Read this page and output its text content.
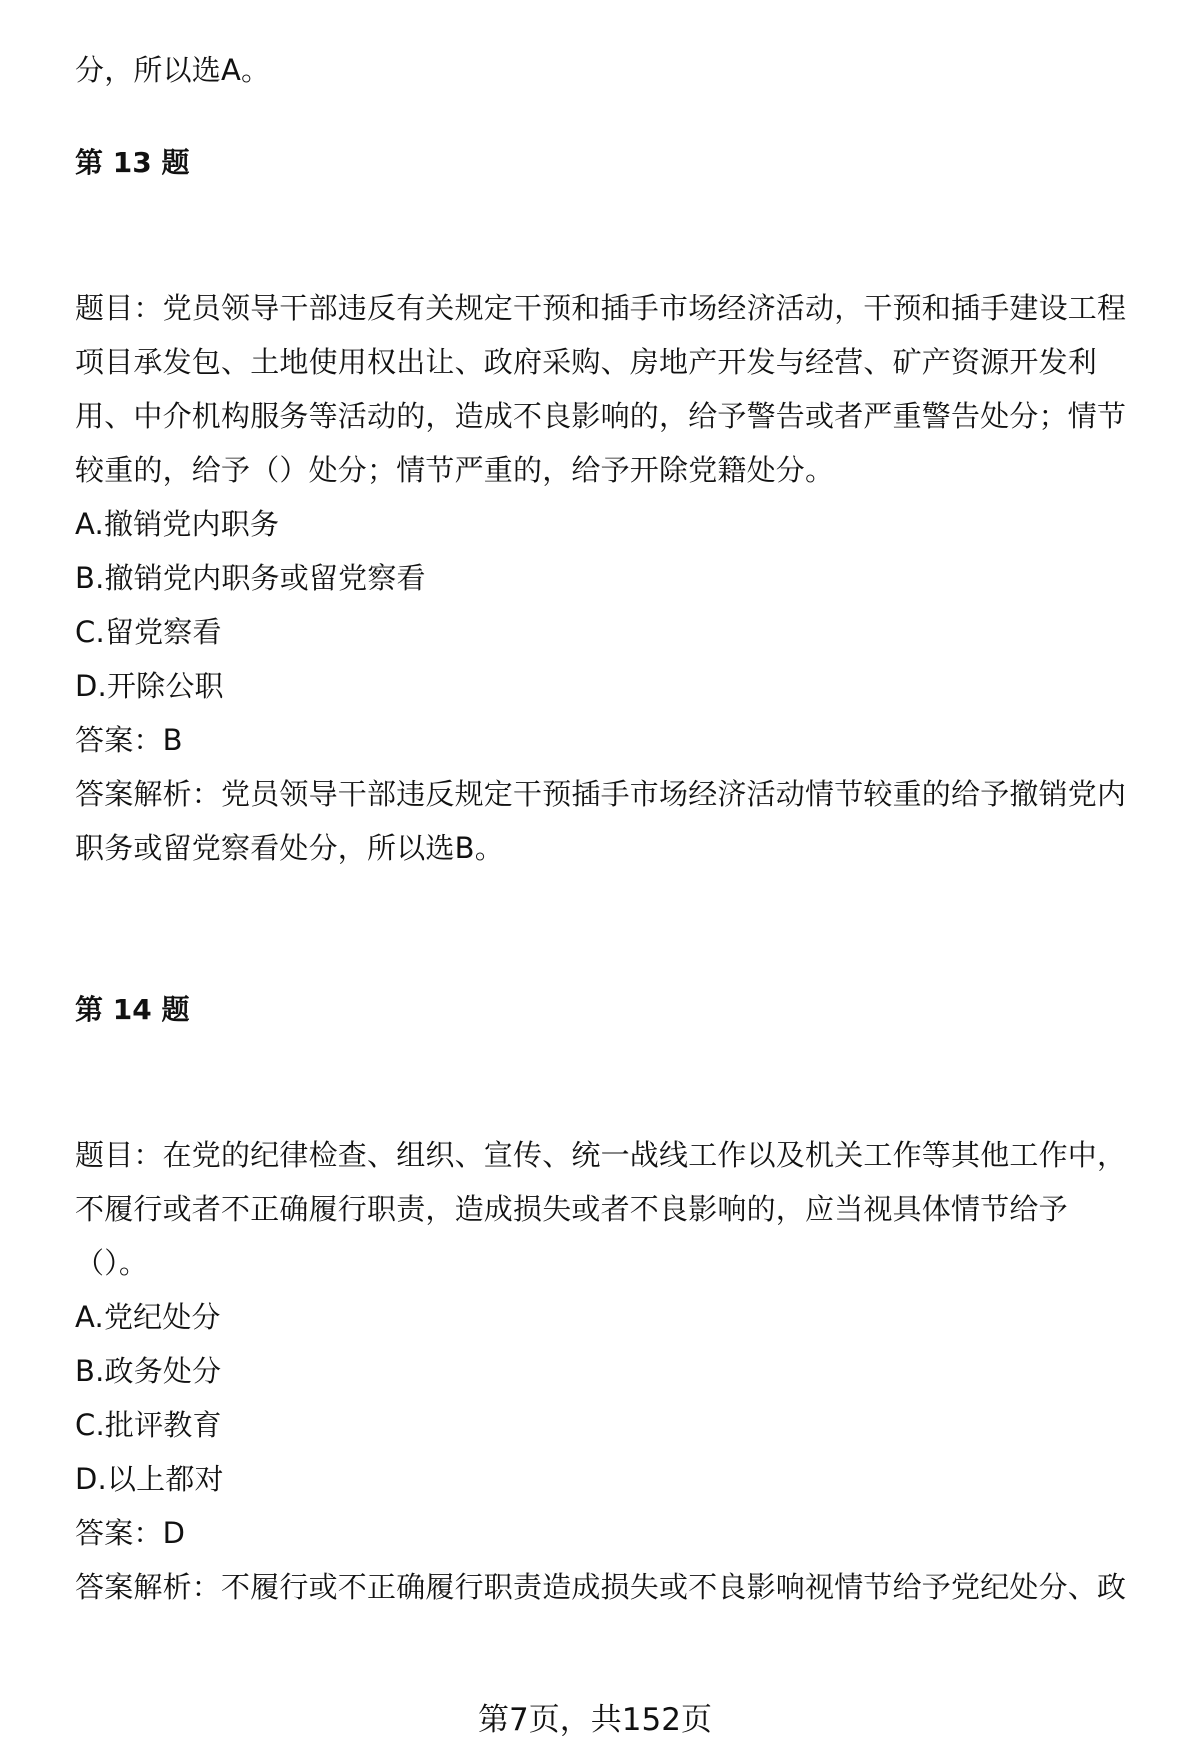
分，所以选A。
第 13 题
题目：党员领导干部违反有关规定干预和插手市场经济活动，干预和插手建设工程
项目承发包、土地使用权出让、政府采购、房地产开发与经营、矿产资源开发利
用、中介机构服务等活动的，造成不良影响的，给予警告或者严重警告处分；情节
较重的，给予（）处分；情节严重的，给予开除党籍处分。
A.撤销党内职务
B.撤销党内职务或留党察看
C.留党察看
D.开除公职
答案：B
答案解析：党员领导干部违反规定干预插手市场经济活动情节较重的给予撤销党内
职务或留党察看处分，所以选B。
第 14 题
题目：在党的纪律检查、组织、宣传、统一战线工作以及机关工作等其他工作中，
不履行或者不正确履行职责，造成损失或者不良影响的，应当视具体情节给予
（）。
A.党纪处分
B.政务处分
C.批评教育
D.以上都对
答案：D
答案解析：不履行或不正确履行职责造成损失或不良影响视情节给予党纪处分、政
第7页，共152页
